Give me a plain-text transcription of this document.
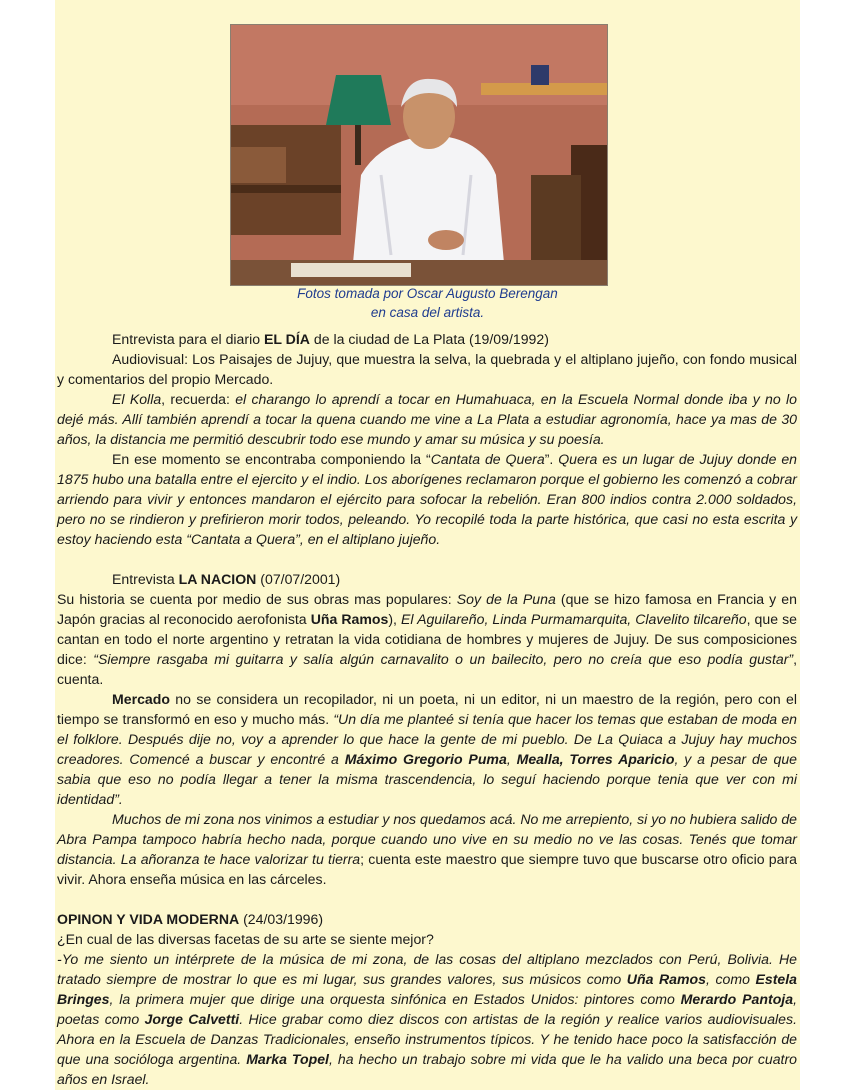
Fotos tomada por Oscar Augusto Berengan
en casa del artista.

Entrevista para el diario EL DÍA de la ciudad de La Plata (19/09/1992)

Audiovisual: Los Paisajes de Jujuy, que muestra la selva, la quebrada y el altiplano jujeño, con fondo musical y comentarios del propio Mercado.

El Kolla, recuerda: el charango lo aprendí a tocar en Humahuaca, en la Escuela Normal donde iba y no lo dejé más. Allí también aprendí a tocar la quena cuando me vine a La Plata a estudiar agronomía, hace ya mas de 30 años, la distancia me permitió descubrir todo ese mundo y amar su música y su poesía.

En ese momento se encontraba componiendo la “Cantata de Quera”. Quera es un lugar de Jujuy donde en 1875 hubo una batalla entre el ejercito y el indio. Los aborígenes reclamaron porque el gobierno les comenzó a cobrar arriendo para vivir y entonces mandaron el ejército para sofocar la rebelión. Eran 800 indios contra 2.000 soldados, pero no se rindieron y prefirieron morir todos, peleando. Yo recopilé toda la parte histórica, que casi no esta escrita y estoy haciendo esta “Cantata a Quera”, en el altiplano jujeño.

Entrevista LA NACION (07/07/2001)

Su historia se cuenta por medio de sus obras mas populares: Soy de la Puna (que se hizo famosa en Francia y en Japón gracias al reconocido aerofonista Uña Ramos), El Aguilareño, Linda Purmamarquita, Clavelito tilcareño, que se cantan en todo el norte argentino y retratan la vida cotidiana de hombres y mujeres de Jujuy. De sus composiciones dice: “Siempre rasgaba mi guitarra y salía algún carnavalito o un bailecito, pero no creía que eso podía gustar”, cuenta.

Mercado no se considera un recopilador, ni un poeta, ni un editor, ni un maestro de la región, pero con el tiempo se transformó en eso y mucho más. “Un día me planteé si tenía que hacer los temas que estaban de moda en el folklore. Después dije no, voy a aprender lo que hace la gente de mi pueblo. De La Quiaca a Jujuy hay muchos creadores. Comencé a buscar y encontré a Máximo Gregorio Puma, Mealla, Torres Aparicio, y a pesar de que sabia que eso no podía llegar a tener la misma trascendencia, lo seguí haciendo porque tenia que ver con mi identidad”.

Muchos de mi zona nos vinimos a estudiar y nos quedamos acá. No me arrepiento, si yo no hubiera salido de Abra Pampa tampoco habría hecho nada, porque cuando uno vive en su medio no ve las cosas. Tenés que tomar distancia. La añoranza te hace valorizar tu tierra; cuenta este maestro que siempre tuvo que buscarse otro oficio para vivir. Ahora enseña música en las cárceles.

OPINON Y VIDA MODERNA (24/03/1996)

¿En cual de las diversas facetas de su arte se siente mejor?

-Yo me siento un intérprete de la música de mi zona, de las cosas del altiplano mezclados con Perú, Bolivia. He tratado siempre de mostrar lo que es mi lugar, sus grandes valores, sus músicos como Uña Ramos, como Estela Bringes, la primera mujer que dirige una orquesta sinfónica en Estados Unidos: pintores como Merardo Pantoja, poetas como Jorge Calvetti. Hice grabar como diez discos con artistas de la región y realice varios audiovisuales. Ahora en la Escuela de Danzas Tradicionales, enseño instrumentos típicos. Y he tenido hace poco la satisfacción de que una socióloga argentina. Marka Topel, ha hecho un trabajo sobre mi vida que le ha valido una beca por cuatro años en Israel.
